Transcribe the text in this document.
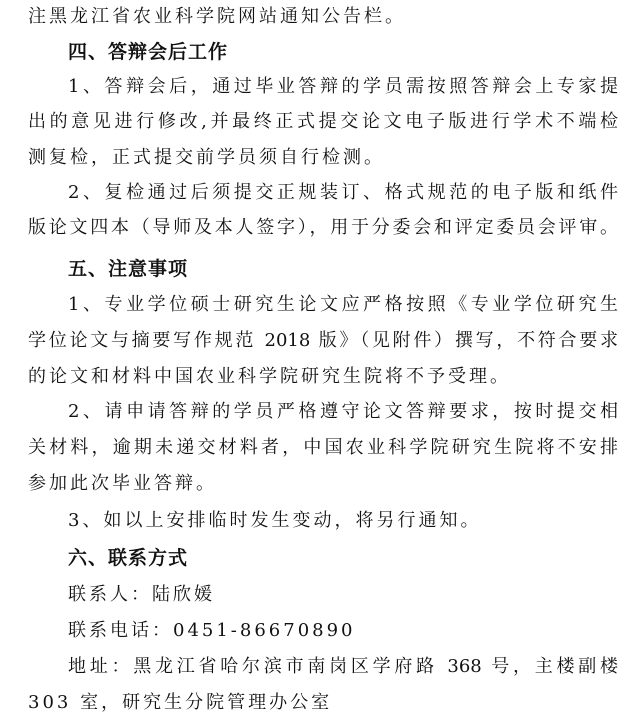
注黑龙江省农业科学院网站通知公告栏。
四、答辩会后工作
1、答辩会后，通过毕业答辩的学员需按照答辩会上专家提
出的意见进行修改,并最终正式提交论文电子版进行学术不端检
测复检，正式提交前学员须自行检测。
2、复检通过后须提交正规装订、格式规范的电子版和纸件
版论文四本（导师及本人签字），用于分委会和评定委员会评审。
五、注意事项
1、专业学位硕士研究生论文应严格按照《专业学位研究生
学位论文与摘要写作规范 2018 版》（见附件）撰写，不符合要求
的论文和材料中国农业科学院研究生院将不予受理。
2、请申请答辩的学员严格遵守论文答辩要求，按时提交相
关材料，逾期未递交材料者，中国农业科学院研究生院将不安排
参加此次毕业答辩。
3、如以上安排临时发生变动，将另行通知。
六、联系方式
联系人：陆欣媛
联系电话：0451-86670890
地址：黑龙江省哈尔滨市南岗区学府路 368 号，主楼副楼
303 室，研究生分院管理办公室
